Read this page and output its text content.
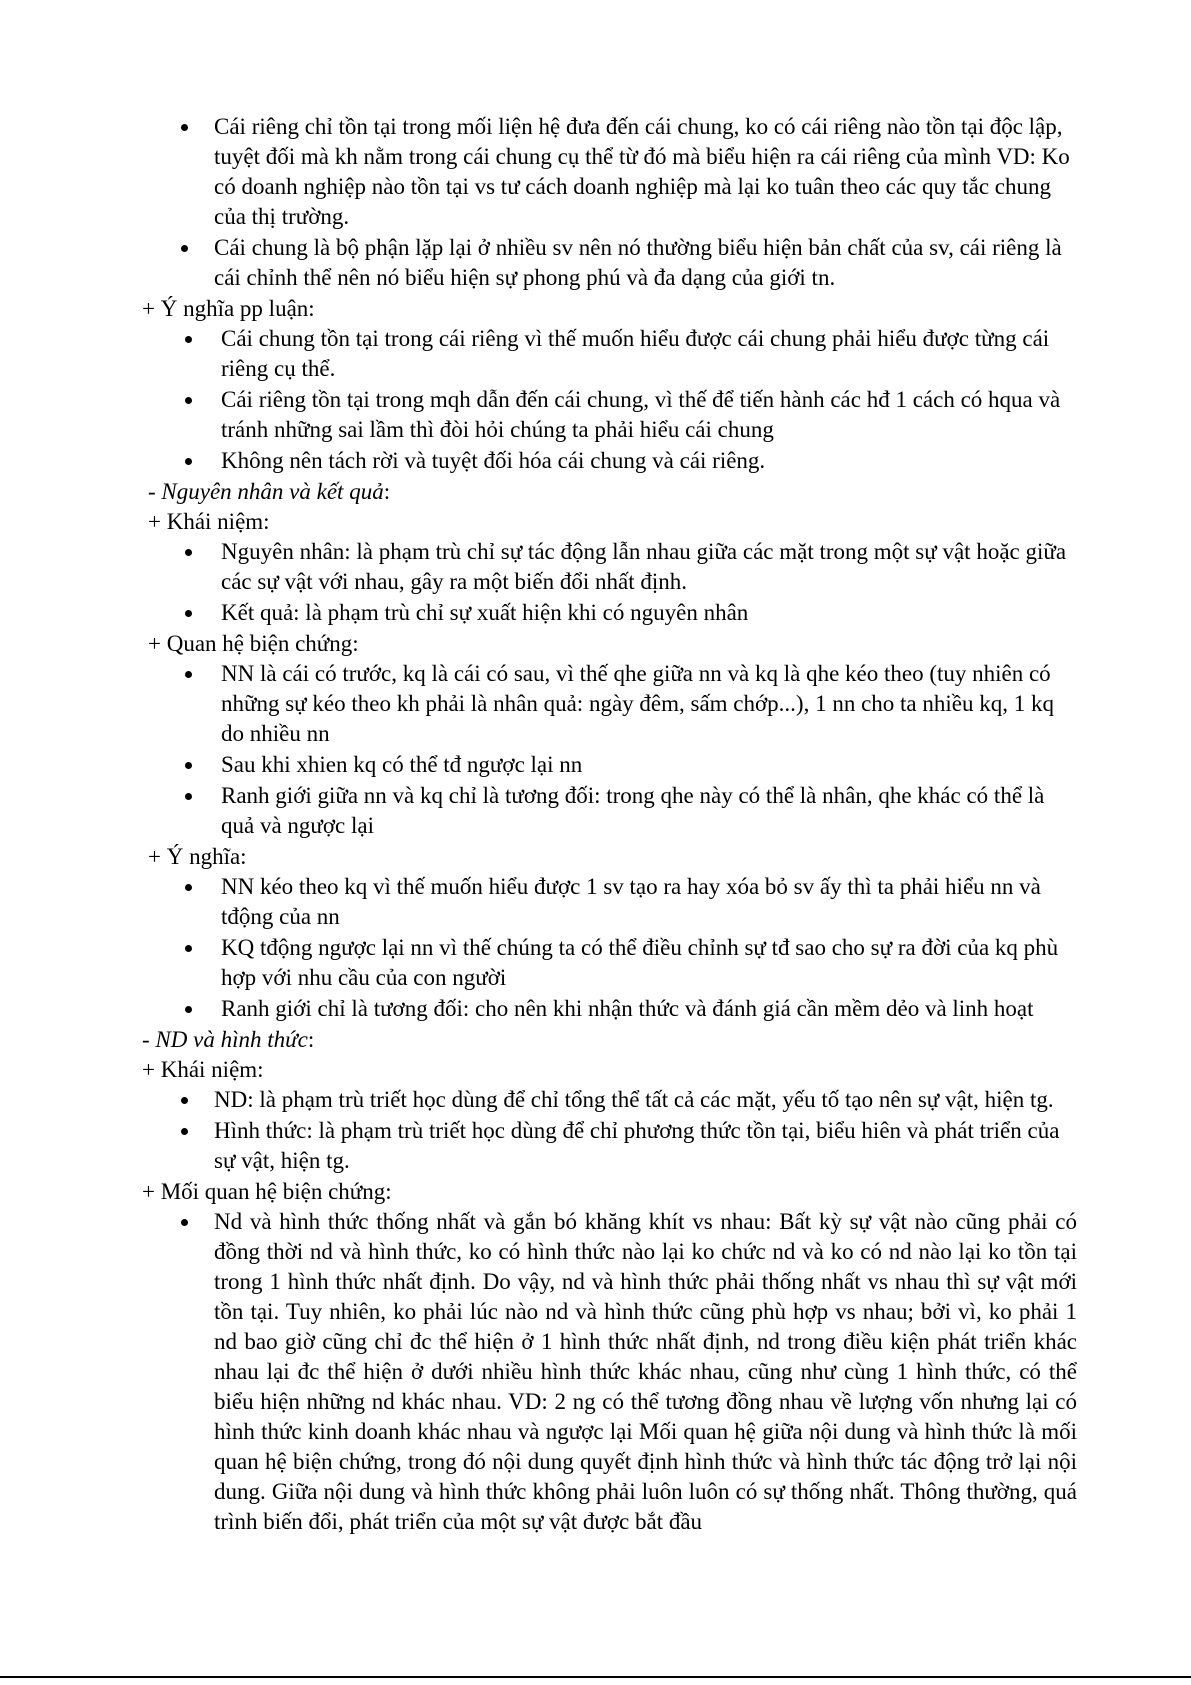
Cái riêng chỉ tồn tại trong mối liện hệ đưa đến cái chung, ko có cái riêng nào tồn tại độc lập, tuyệt đối mà kh nằm trong cái chung cụ thể từ đó mà biểu hiện ra cái riêng của mình VD: Ko có doanh nghiệp nào tồn tại vs tư cách doanh nghiệp mà lại ko tuân theo các quy tắc chung của thị trường.
Cái chung là bộ phận lặp lại ở nhiều sv nên nó thường biểu hiện bản chất của sv, cái riêng là cái chỉnh thể nên nó biểu hiện sự phong phú và đa dạng của giới tn.
+ Ý nghĩa pp luận:
Cái chung tồn tại trong cái riêng vì thế muốn hiểu được cái chung phải hiểu được từng cái riêng cụ thể.
Cái riêng tồn tại trong mqh dẫn đến cái chung, vì thế để tiến hành các hđ 1 cách có hqua và tránh những sai lầm thì đòi hỏi chúng ta phải hiểu cái chung
Không nên tách rời và tuyệt đối hóa cái chung và cái riêng.
- Nguyên nhân và kết quả:
+ Khái niệm:
Nguyên nhân: là phạm trù chỉ sự tác động lẫn nhau giữa các mặt trong một sự vật hoặc giữa các sự vật với nhau, gây ra một biến đổi nhất định.
Kết quả: là phạm trù chỉ sự xuất hiện khi có nguyên nhân
+ Quan hệ biện chứng:
NN là cái có trước, kq là cái có sau, vì thế qhe giữa nn và kq là qhe kéo theo (tuy nhiên có những sự kéo theo kh phải là nhân quả: ngày đêm, sấm chớp...), 1 nn cho ta nhiều kq, 1 kq do nhiều nn
Sau khi xhien kq có thể tđ ngược lại nn
Ranh giới giữa nn và kq chỉ là tương đối: trong qhe này có thể là nhân, qhe khác có thể là quả và ngược lại
+ Ý nghĩa:
NN kéo theo kq vì thế muốn hiểu được 1 sv tạo ra hay xóa bỏ sv ấy thì ta phải hiểu nn và tđộng của nn
KQ tđộng ngược lại nn vì thế chúng ta có thể điều chỉnh sự tđ sao cho sự ra đời của kq phù hợp với nhu cầu của con người
Ranh giới chỉ là tương đối: cho nên khi nhận thức và đánh giá cần mềm dẻo và linh hoạt
- ND và hình thức:
+ Khái niệm:
ND: là phạm trù triết học dùng để chỉ tổng thể tất cả các mặt, yếu tố tạo nên sự vật, hiện tg.
Hình thức: là phạm trù triết học dùng để chỉ phương thức tồn tại, biểu hiên và phát triển của sự vật, hiện tg.
+ Mối quan hệ biện chứng:
Nd và hình thức thống nhất và gắn bó khăng khít vs nhau: Bất kỳ sự vật nào cũng phải có đồng thời nd và hình thức, ko có hình thức nào lại ko chức nd và ko có nd nào lại ko tồn tại trong 1 hình thức nhất định. Do vậy, nd và hình thức phải thống nhất vs nhau thì sự vật mới tồn tại. Tuy nhiên, ko phải lúc nào nd và hình thức cũng phù hợp vs nhau; bởi vì, ko phải 1 nd bao giờ cũng chỉ đc thể hiện ở 1 hình thức nhất định, nd trong điều kiện phát triển khác nhau lại đc thể hiện ở dưới nhiều hình thức khác nhau, cũng như cùng 1 hình thức, có thể biểu hiện những nd khác nhau. VD: 2 ng có thể tương đồng nhau về lượng vốn nhưng lại có hình thức kinh doanh khác nhau và ngược lại Mối quan hệ giữa nội dung và hình thức là mối quan hệ biện chứng, trong đó nội dung quyết định hình thức và hình thức tác động trở lại nội dung. Giữa nội dung và hình thức không phải luôn luôn có sự thống nhất. Thông thường, quá trình biến đổi, phát triển của một sự vật được bắt đầu
